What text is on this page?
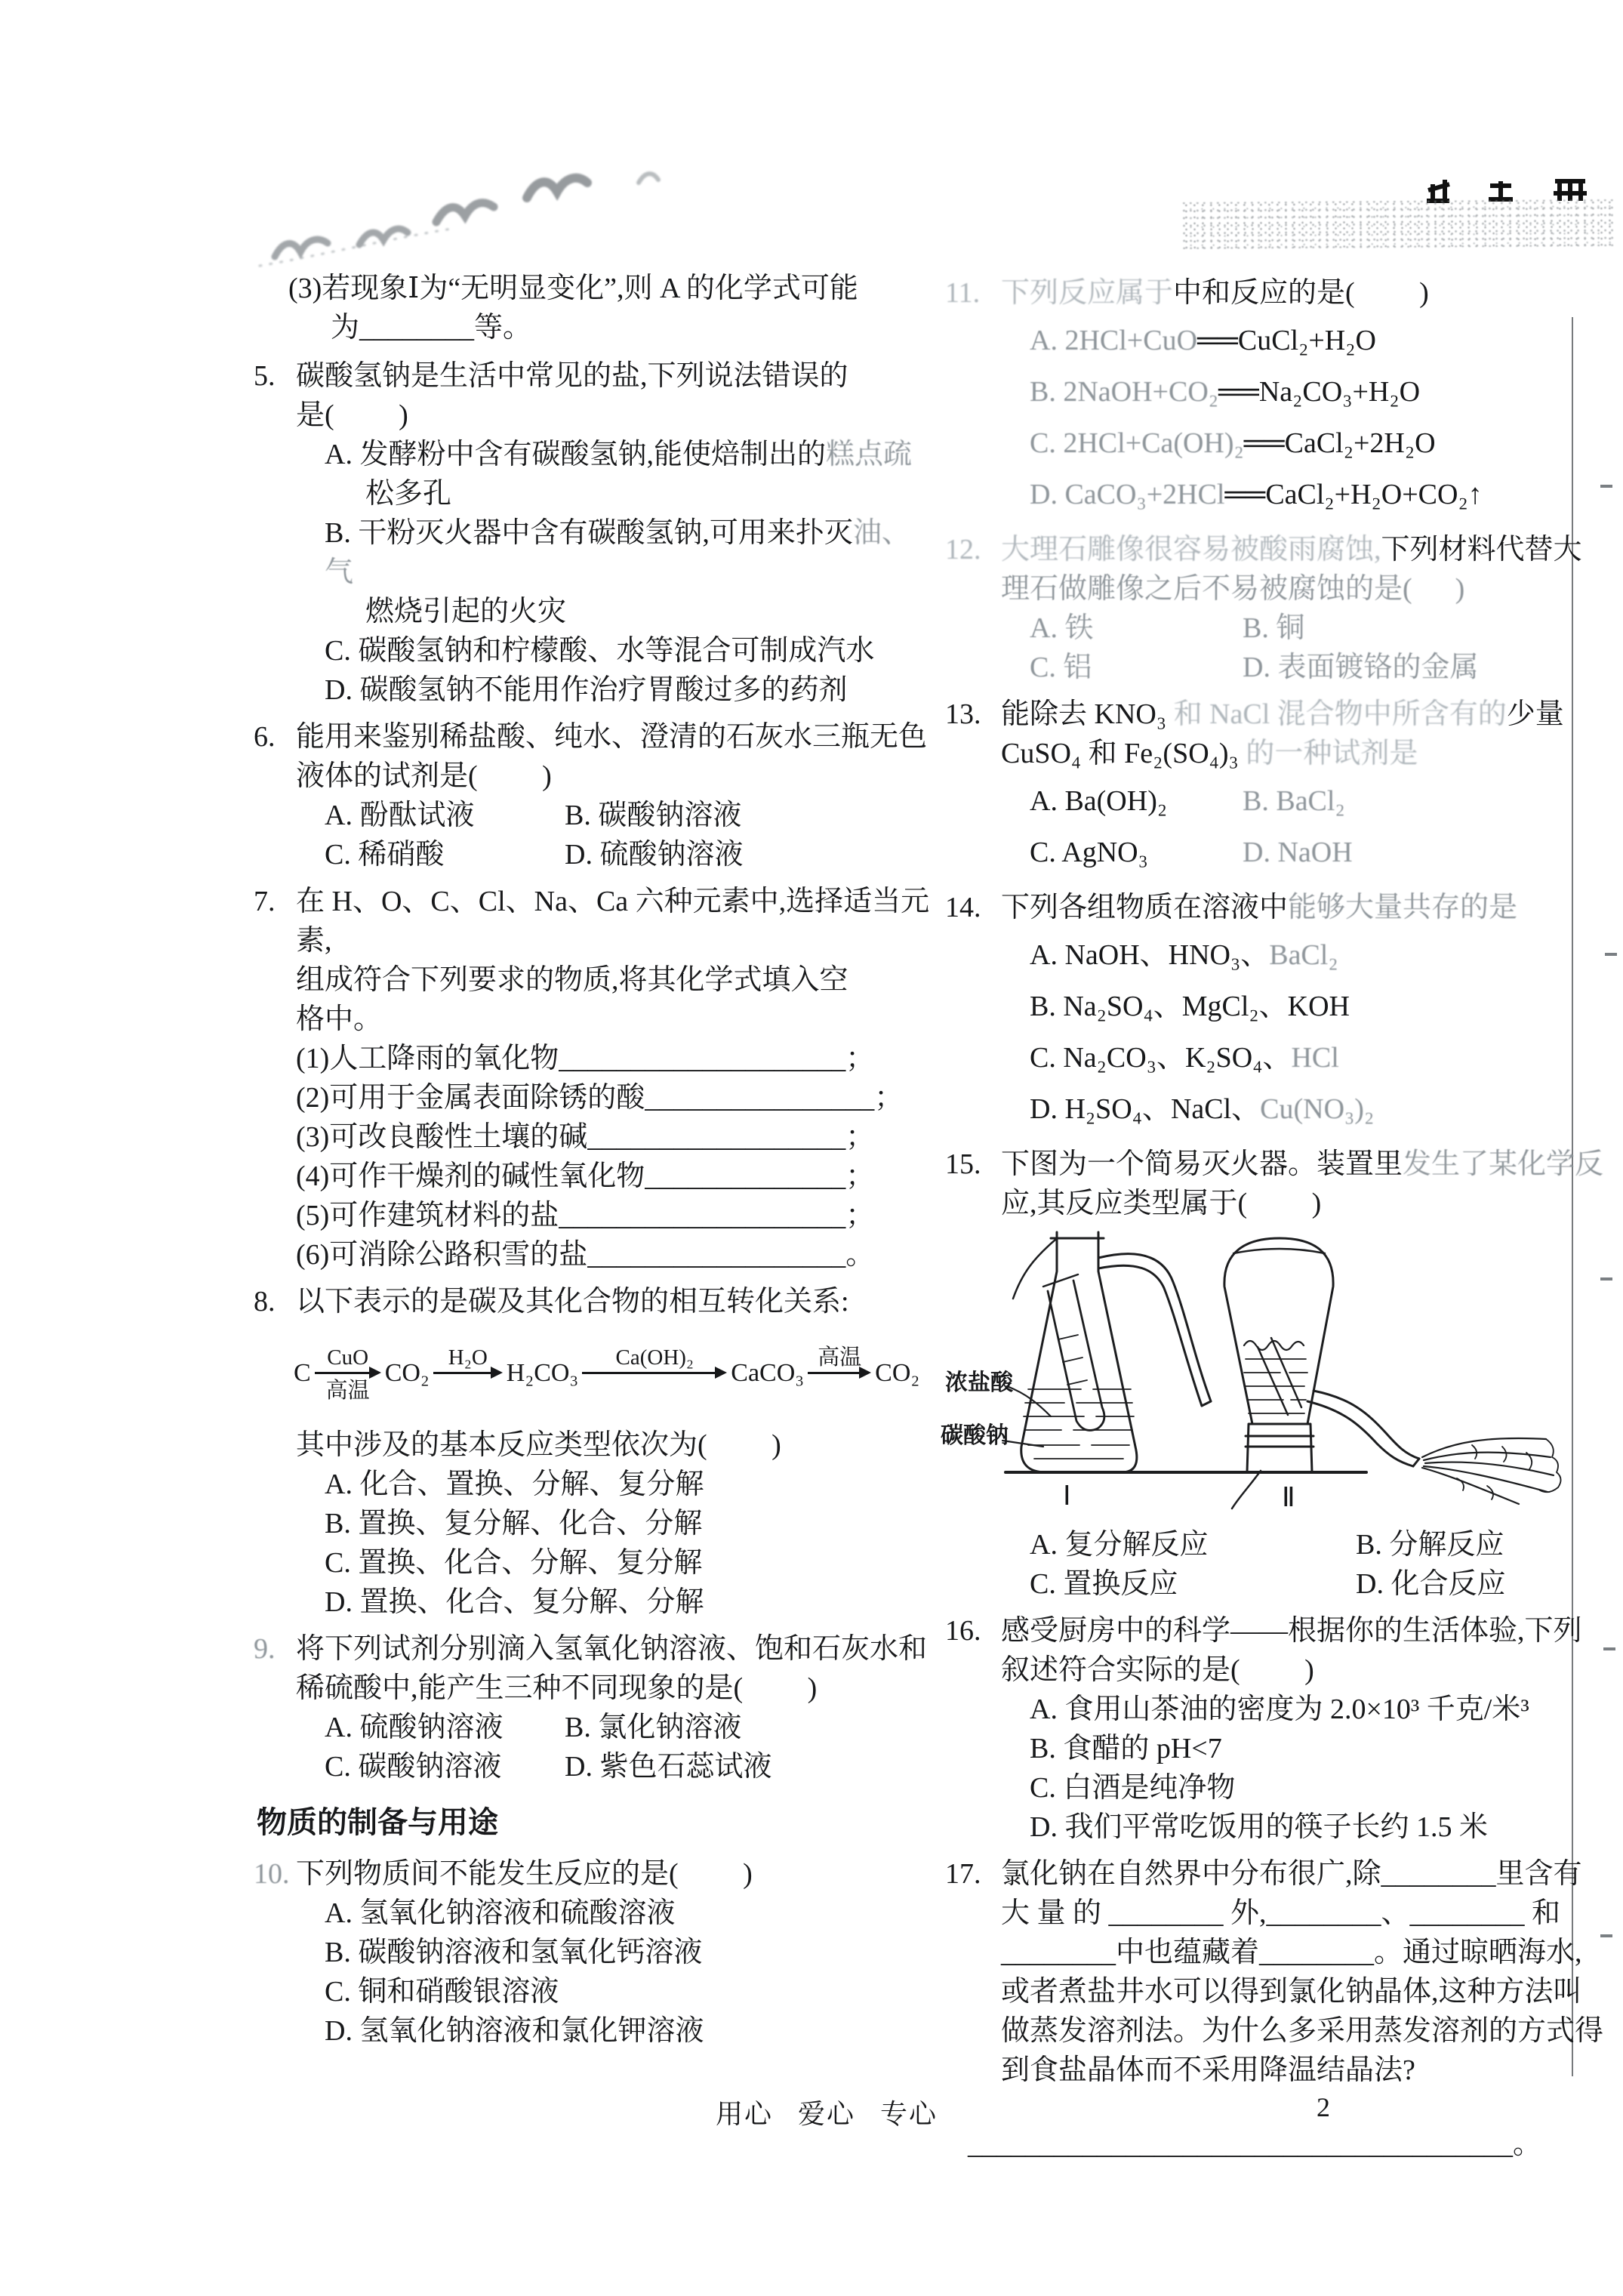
(3)若现象Ⅰ为“无明显变化”,则 A 的化学式可能
为________等。
5. 碳酸氢钠是生活中常见的盐,下列说法错误的
是(         )
A. 发酵粉中含有碳酸氢钠,能使焙制出的糕点疏
松多孔
B. 干粉灭火器中含有碳酸氢钠,可用来扑灭油、气
燃烧引起的火灾
C. 碳酸氢钠和柠檬酸、水等混合可制成汽水
D. 碳酸氢钠不能用作治疗胃酸过多的药剂
6. 能用来鉴别稀盐酸、纯水、澄清的石灰水三瓶无色
液体的试剂是(         )
A. 酚酞试液	B. 碳酸钠溶液
C. 稀硝酸	D. 硫酸钠溶液
7. 在 H、O、C、Cl、Na、Ca 六种元素中,选择适当元素,
组成符合下列要求的物质,将其化学式填入空
格中。
(1)人工降雨的氧化物____________________；
(2)可用于金属表面除锈的酸________________；
(3)可改良酸性土壤的碱__________________；
(4)可作干燥剂的碱性氧化物______________；
(5)可作建筑材料的盐____________________；
(6)可消除公路积雪的盐__________________。
8. 以下表示的是碳及其化合物的相互转化关系:
C
CuO
高温
CO₂
H₂O
H₂CO₃
Ca(OH)₂
CaCO₃
高温
CO₂
其中涉及的基本反应类型依次为(         )
A. 化合、置换、分解、复分解
B. 置换、复分解、化合、分解
C. 置换、化合、分解、复分解
D. 置换、化合、复分解、分解
9. 将下列试剂分别滴入氢氧化钠溶液、饱和石灰水和
稀硫酸中,能产生三种不同现象的是(         )
A. 硫酸钠溶液 B. 氯化钠溶液
C. 碳酸钠溶液 D. 紫色石蕊试液
物质的制备与用途
10. 下列物质间不能发生反应的是(         )
A. 氢氧化钠溶液和硫酸溶液
B. 碳酸钠溶液和氢氧化钙溶液
C. 铜和硝酸银溶液
D. 氢氧化钠溶液和氯化钾溶液
11. 下列反应属于中和反应的是(         )
A. 2HCl+CuO══CuCl₂+H₂O
B. 2NaOH+CO₂══Na₂CO₃+H₂O
C. 2HCl+Ca(OH)₂══CaCl₂+2H₂O
D. CaCO₃+2HCl══CaCl₂+H₂O+CO₂↑
12. 大理石雕像很容易被酸雨腐蚀,下列材料代替大
理石做雕像之后不易被腐蚀的是(      )
A. 铁	B. 铜
C. 铝	D. 表面镀铬的金属
13. 能除去 KNO₃ 和 NaCl 混合物中所含有的少量
CuSO₄ 和 Fe₂(SO₄)₃ 的一种试剂是
A. Ba(OH)₂	B. BaCl₂
C. AgNO₃	D. NaOH
14. 下列各组物质在溶液中能够大量共存的是
A. NaOH、HNO₃、BaCl₂
B. Na₂SO₄、MgCl₂、KOH
C. Na₂CO₃、K₂SO₄、HCl
D. H₂SO₄、NaCl、Cu(NO₃)₂
15. 下图为一个简易灭火器。装置里发生了某化学反
应,其反应类型属于(         )
浓盐酸
碳酸钠
Ⅰ	Ⅱ
A. 复分解反应	B. 分解反应
C. 置换反应	D. 化合反应
16. 感受厨房中的科学——根据你的生活体验,下列
叙述符合实际的是(         )
A. 食用山茶油的密度为 2.0×10³ 千克/米³
B. 食醋的 pH<7
C. 白酒是纯净物
D. 我们平常吃饭用的筷子长约 1.5 米
17. 氯化钠在自然界中分布很广,除________里含有
大 量 的 ________ 外,________、________ 和
________中也蕴藏着________。通过晾晒海水,
或者煮盐井水可以得到氯化钠晶体,这种方法叫
做蒸发溶剂法。为什么多采用蒸发溶剂的方式得
到食盐晶体而不采用降温结晶法?
______________________________________。
用心   爱心   专心	2
